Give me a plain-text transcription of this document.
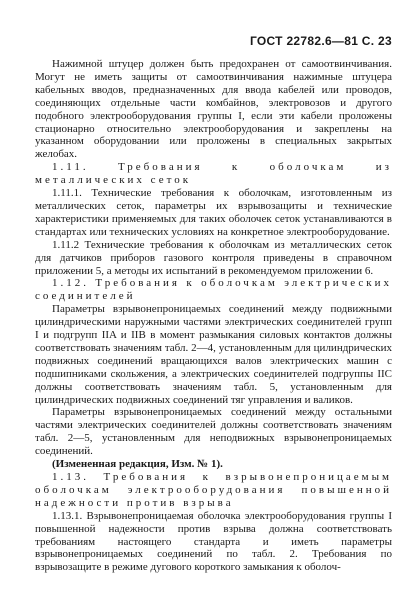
ГОСТ 22782.6—81 С. 23

Нажимной штуцер должен быть предохранен от самоотвинчивания. Могут не иметь защиты от самоотвинчивания нажимные штуцера кабельных вводов, предназначенных для ввода кабелей или проводов, соединяющих отдельные части комбайнов, электровозов и другого подобного электрооборудования группы I, если эти кабели проложены стационарно относительно электрооборудования и закреплены на указанном оборудовании или проложены в специальных закрытых желобах.

1.11. Требования к оболочкам из металлических сеток

1.11.1. Технические требования к оболочкам, изготовленным из металлических сеток, параметры их взрывозащиты и технические характеристики применяемых для таких оболочек сеток устанавливаются в стандартах или технических условиях на конкретное электрооборудование.

1.11.2 Технические требования к оболочкам из металлических сеток для датчиков приборов газового контроля приведены в справочном приложении 5, а методы их испытаний в рекомендуемом приложении 6.

1.12. Требования к оболочкам электрических соединителей

Параметры взрывонепроницаемых соединений между подвижными цилиндрическими наружными частями электрических соединителей групп I и подгрупп IIA и IIB в момент размыкания силовых контактов должны соответствовать значениям табл. 2—4, установленным для цилиндрических подвижных соединений вращающихся валов электрических машин с подшипниками скольжения, а электрических соединителей подгруппы IIC должны соответствовать значениям табл. 5, установленным для цилиндрических подвижных соединений тяг управления и валиков.

Параметры взрывонепроницаемых соединений между остальными частями электрических соединителей должны соответствовать значениям табл. 2—5, установленным для неподвижных взрывонепроницаемых соединений.

(Измененная редакция, Изм. № 1).

1.13. Требования к взрывонепроницаемым оболочкам электрооборудования повышенной надежности против взрыва

1.13.1. Взрывонепроницаемая оболочка электрооборудования группы I повышенной надежности против взрыва должна соответствовать требованиям настоящего стандарта и иметь параметры взрывонепроницаемых соединений по табл. 2. Требования по взрывозащите в режиме дугового короткого замыкания к оболоч-
